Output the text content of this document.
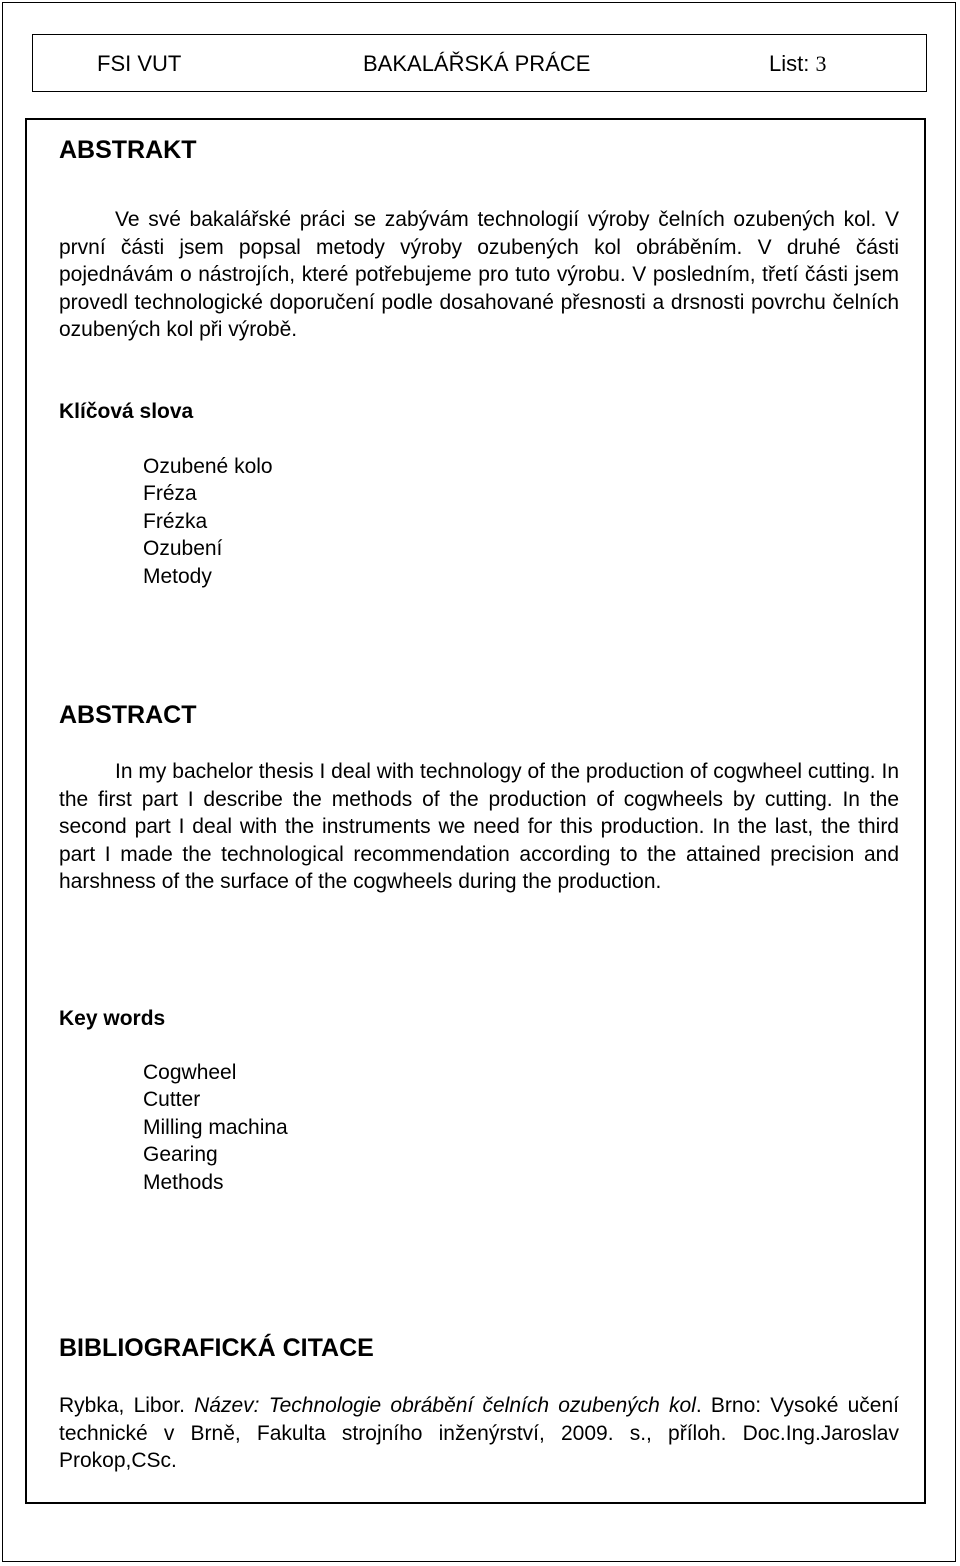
FSI VUT	BAKALÁŘSKÁ PRÁCE	List: 3
ABSTRAKT
Ve své bakalářské práci se zabývám technologií výroby čelních ozubených kol. V první části jsem popsal metody výroby ozubených kol obráběním. V druhé části pojednávám o nástrojích, které potřebujeme pro tuto výrobu. V posledním, třetí části jsem provedl technologické doporučení podle dosahované přesnosti a drsnosti povrchu čelních ozubených kol při výrobě.
Klíčová slova
Ozubené kolo
Fréza
Frézka
Ozubení
Metody
ABSTRACT
In my bachelor thesis I deal with technology of the production of cogwheel cutting. In the first part I describe the methods of the production of cogwheels by cutting. In the second part I deal with the instruments we need for this production. In the last, the third part I made the technological recommendation according to the attained precision and harshness of the surface of the cogwheels during the production.
Key words
Cogwheel
Cutter
Milling machina
Gearing
Methods
BIBLIOGRAFICKÁ CITACE
Rybka, Libor. Název: Technologie obrábění čelních ozubených kol. Brno: Vysoké učení technické v Brně, Fakulta strojního inženýrství, 2009. s., příloh. Doc.Ing.Jaroslav Prokop,CSc.
